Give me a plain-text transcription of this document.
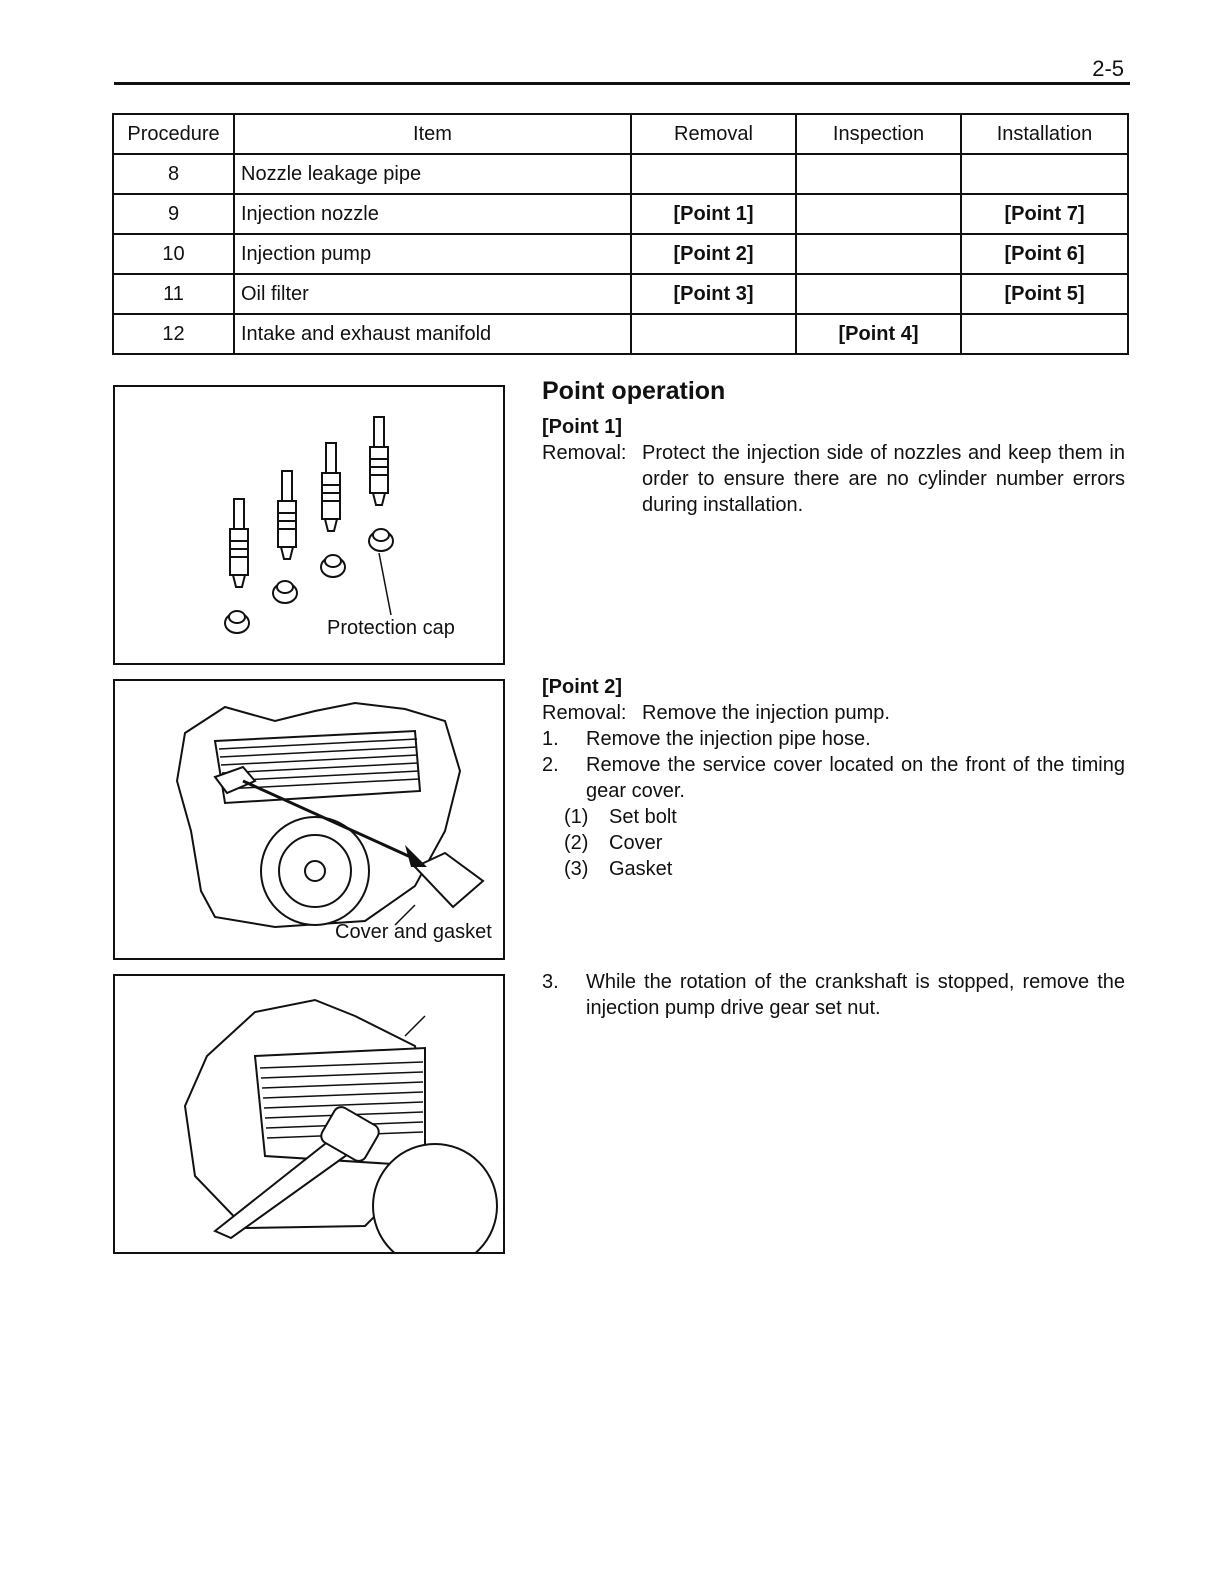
2-5
Procedure	Item	Removal	Inspection	Installation
8	Nozzle leakage pipe			
9	Injection nozzle	[Point 1]		[Point 7]
10	Injection pump	[Point 2]		[Point 6]
11	Oil filter	[Point 3]		[Point 5]
12	Intake and exhaust manifold		[Point 4]	
Protection cap
Cover and gasket
Point operation
[Point 1]
Removal: Protect the injection side of nozzles and keep them in order to ensure there are no cylinder number errors during installation.
[Point 2]
Removal: Remove the injection pump.
1.	Remove the injection pipe hose.
2.	Remove the service cover located on the front of the timing gear cover.
(1)	Set bolt
(2)	Cover
(3)	Gasket
3.	While the rotation of the crankshaft is stopped, remove the injection pump drive gear set nut.
